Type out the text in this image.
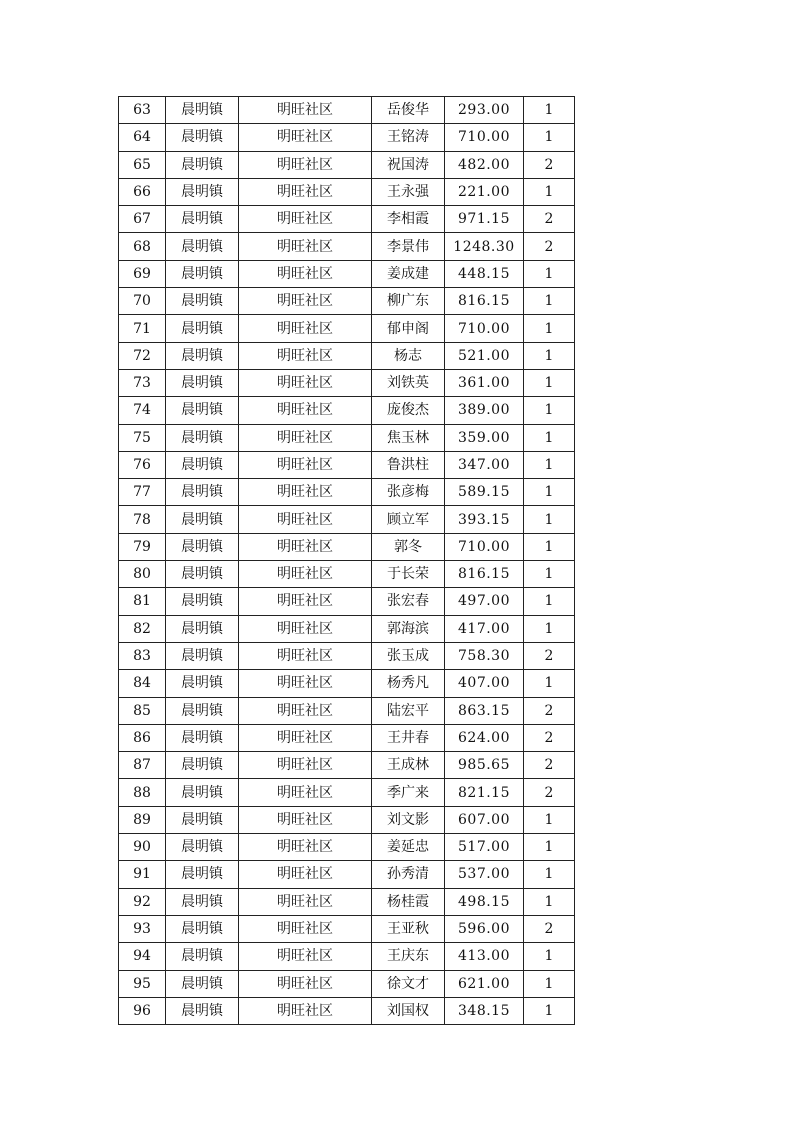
63	晨明镇	明旺社区	岳俊华	293.00	1
64	晨明镇	明旺社区	王铭涛	710.00	1
65	晨明镇	明旺社区	祝国涛	482.00	2
66	晨明镇	明旺社区	王永强	221.00	1
67	晨明镇	明旺社区	李相霞	971.15	2
68	晨明镇	明旺社区	李景伟	1248.30	2
69	晨明镇	明旺社区	姜成建	448.15	1
70	晨明镇	明旺社区	柳广东	816.15	1
71	晨明镇	明旺社区	郁申阁	710.00	1
72	晨明镇	明旺社区	杨志	521.00	1
73	晨明镇	明旺社区	刘铁英	361.00	1
74	晨明镇	明旺社区	庞俊杰	389.00	1
75	晨明镇	明旺社区	焦玉林	359.00	1
76	晨明镇	明旺社区	鲁洪柱	347.00	1
77	晨明镇	明旺社区	张彦梅	589.15	1
78	晨明镇	明旺社区	顾立军	393.15	1
79	晨明镇	明旺社区	郭冬	710.00	1
80	晨明镇	明旺社区	于长荣	816.15	1
81	晨明镇	明旺社区	张宏春	497.00	1
82	晨明镇	明旺社区	郭海滨	417.00	1
83	晨明镇	明旺社区	张玉成	758.30	2
84	晨明镇	明旺社区	杨秀凡	407.00	1
85	晨明镇	明旺社区	陆宏平	863.15	2
86	晨明镇	明旺社区	王井春	624.00	2
87	晨明镇	明旺社区	王成林	985.65	2
88	晨明镇	明旺社区	季广来	821.15	2
89	晨明镇	明旺社区	刘文影	607.00	1
90	晨明镇	明旺社区	姜延忠	517.00	1
91	晨明镇	明旺社区	孙秀清	537.00	1
92	晨明镇	明旺社区	杨桂霞	498.15	1
93	晨明镇	明旺社区	王亚秋	596.00	2
94	晨明镇	明旺社区	王庆东	413.00	1
95	晨明镇	明旺社区	徐文才	621.00	1
96	晨明镇	明旺社区	刘国权	348.15	1
